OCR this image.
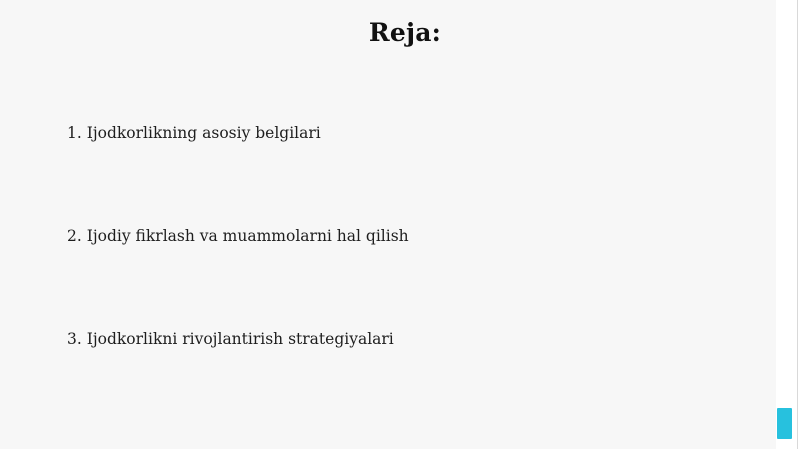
Reja:
1. Ijodkorlikning asosiy belgilari
2. Ijodiy fikrlash va muammolarni hal qilish
3. Ijodkorlikni rivojlantirish strategiyalari
